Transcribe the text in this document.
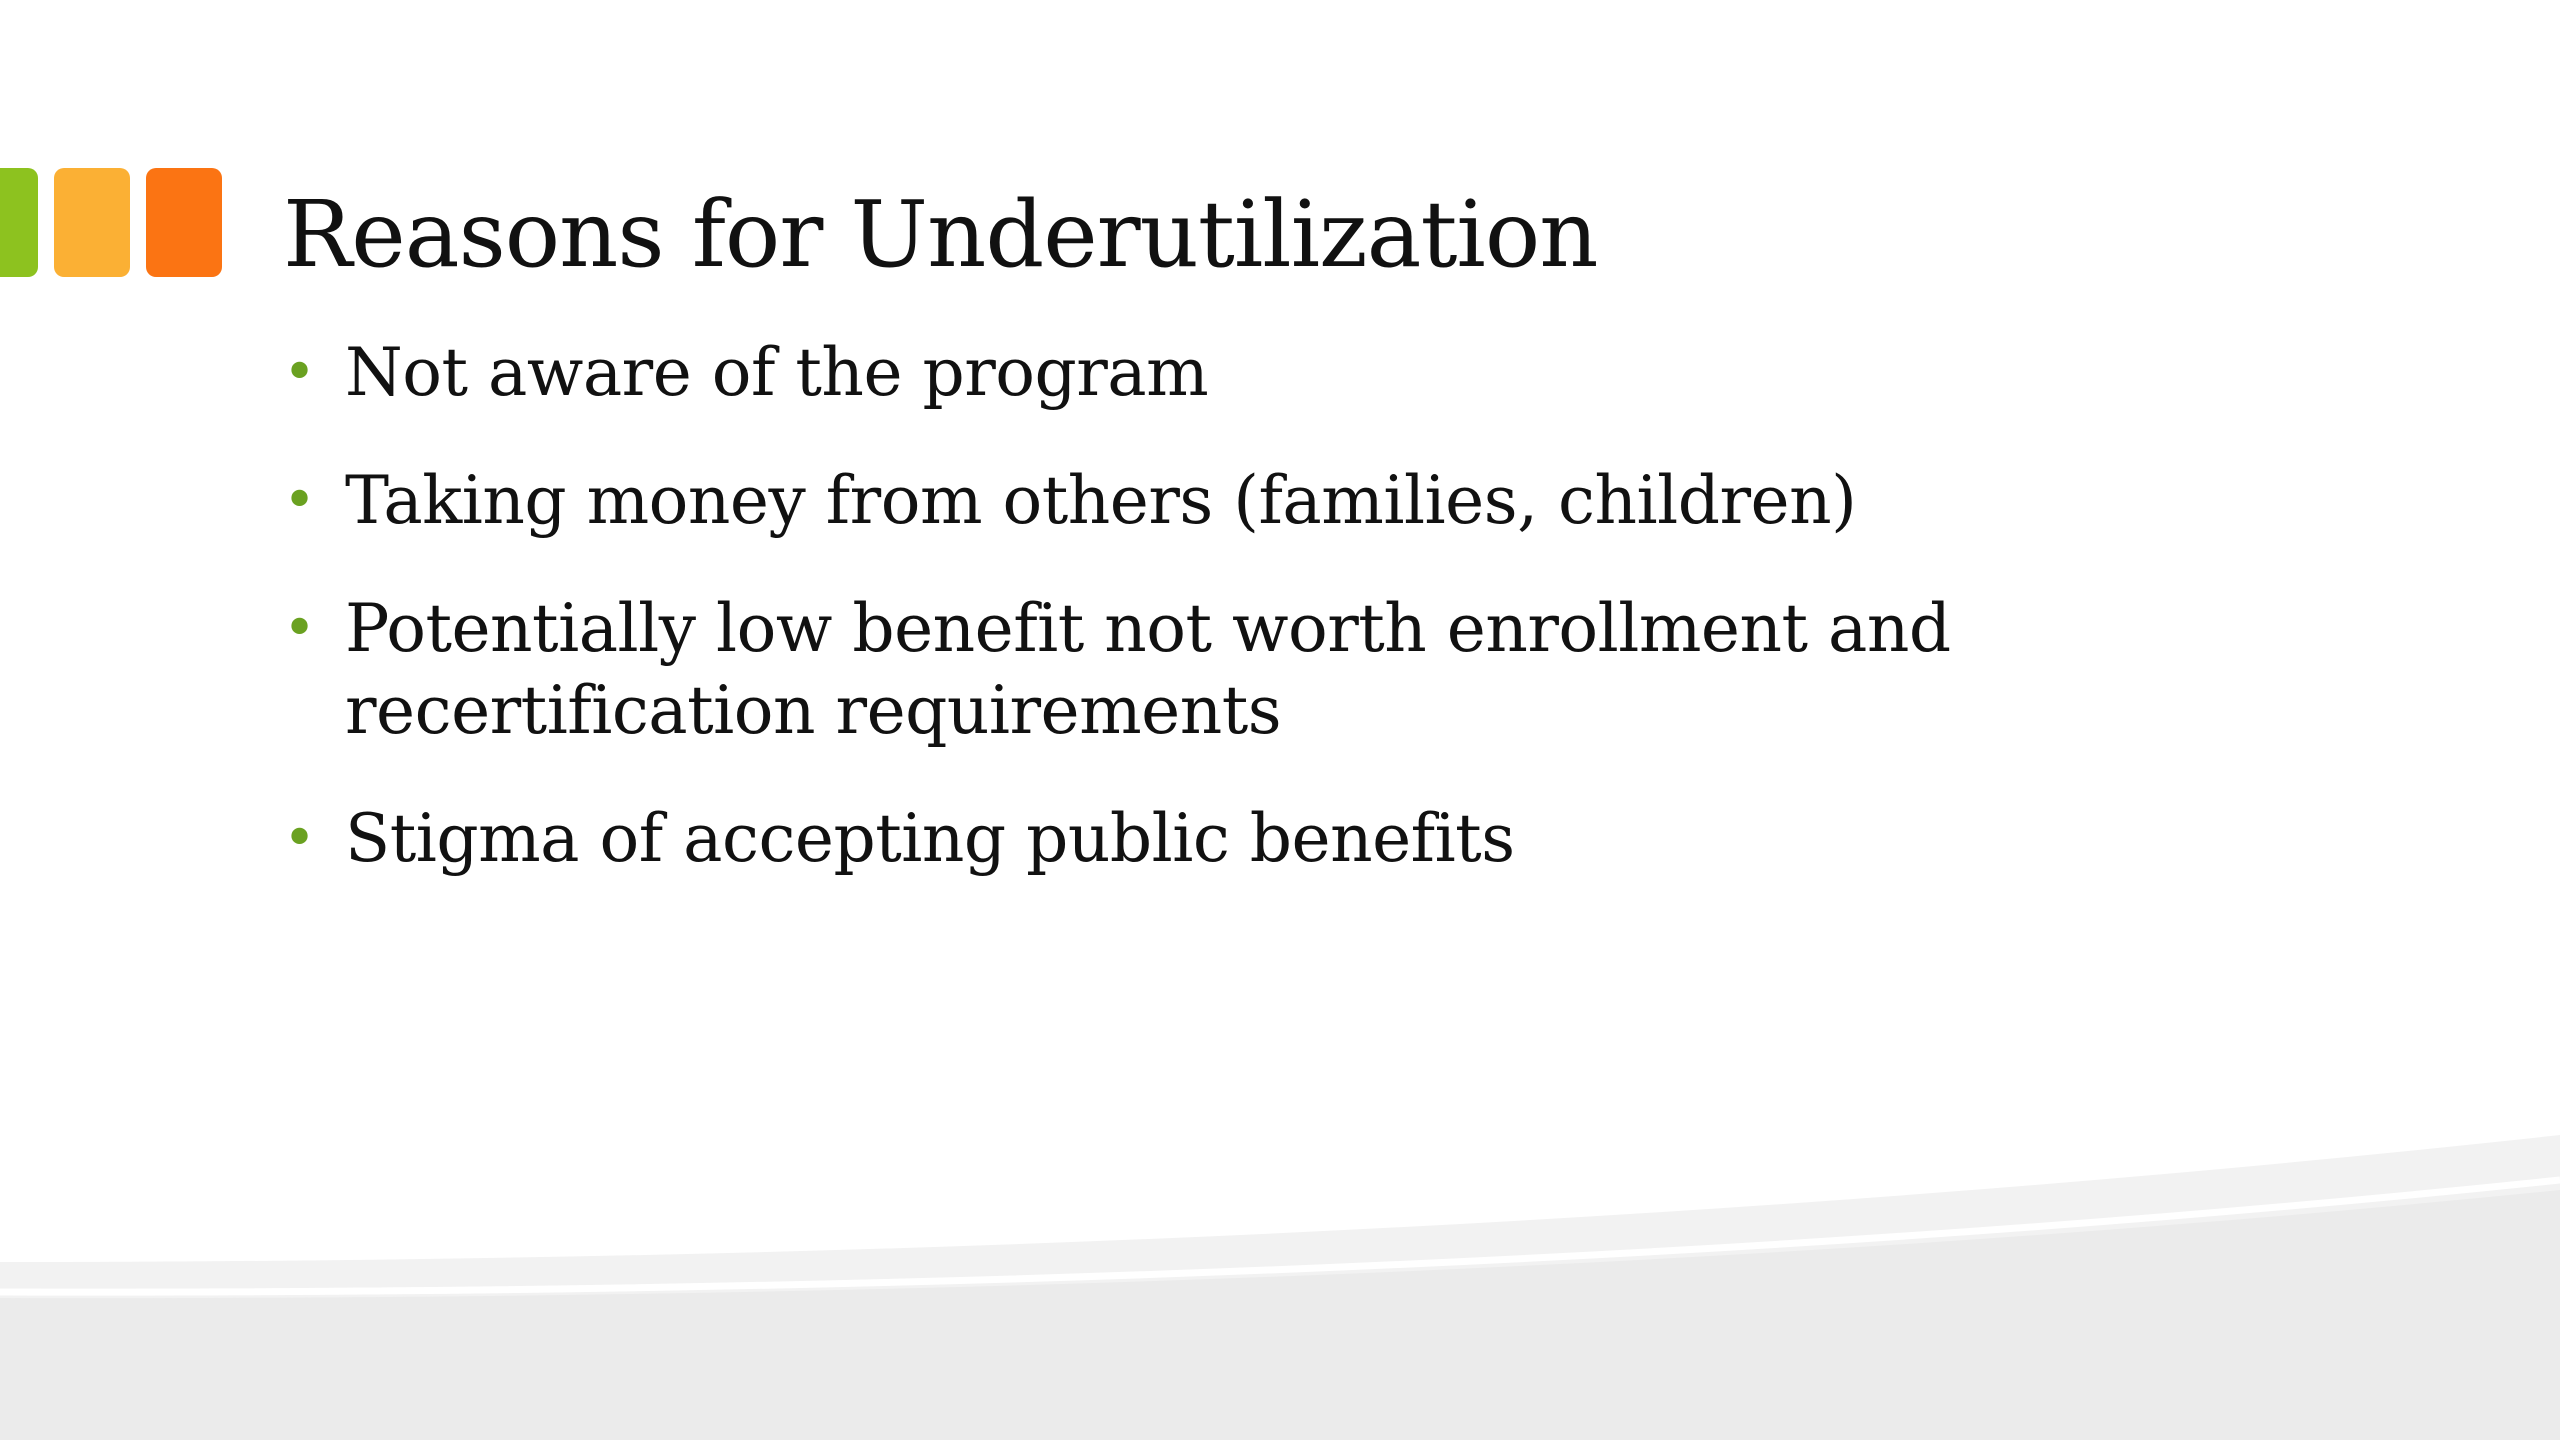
Reasons for Underutilization
• Not aware of the program
• Taking money from others (families, children)
• Potentially low benefit not worth enrollment and recertification requirements
• Stigma of accepting public benefits
